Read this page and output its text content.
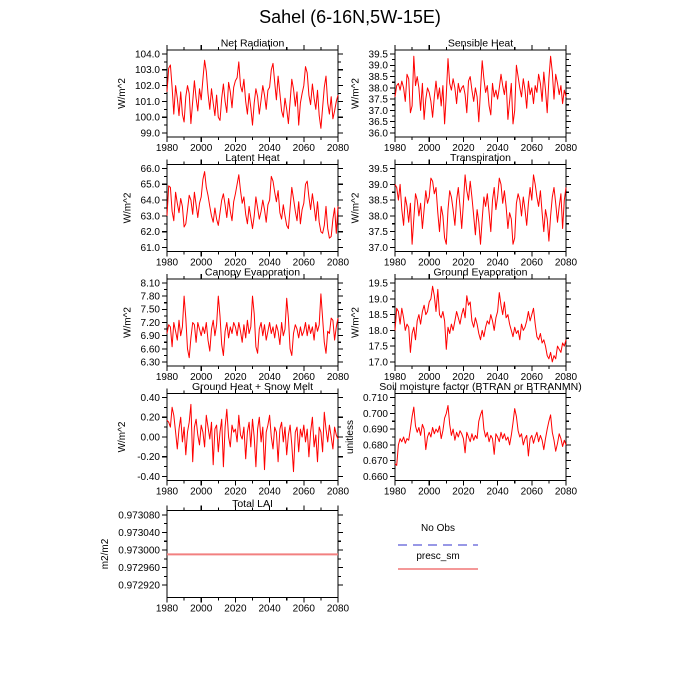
Sahel (6-16N,5W-15E)
99.0
100.0
101.0
102.0
103.0
104.0
1980 2000 2020 2040 2060 2080
Net Radiation
W/m^2
36.0
36.5
37.0
37.5
38.0
38.5
39.0
39.5
1980 2000 2020 2040 2060 2080
Sensible Heat
W/m^2
61.0
62.0
63.0
64.0
65.0
66.0
1980 2000 2020 2040 2060 2080
Latent Heat
W/m^2
37.0
37.5
38.0
38.5
39.0
39.5
1980 2000 2020 2040 2060 2080
Transpiration
W/m^2
6.30
6.60
6.90
7.20
7.50
7.80
8.10
1980 2000 2020 2040 2060 2080
Canopy Evaporation
W/m^2
17.0
17.5
18.0
18.5
19.0
19.5
1980 2000 2020 2040 2060 2080
Ground Evaporation
W/m^2
-0.40
-0.20
0.00
0.20
0.40
1980 2000 2020 2040 2060 2080
Ground Heat + Snow Melt
W/m^2
0.660
0.670
0.680
0.690
0.700
0.710
1980 2000 2020 2040 2060 2080
Soil moisture factor (BTRAN or BTRANMN)
unitless
0.972920
0.972960
0.973000
0.973040
0.973080
1980 2000 2020 2040 2060 2080
Total LAI
m2/m2
No Obs
presc_sm
